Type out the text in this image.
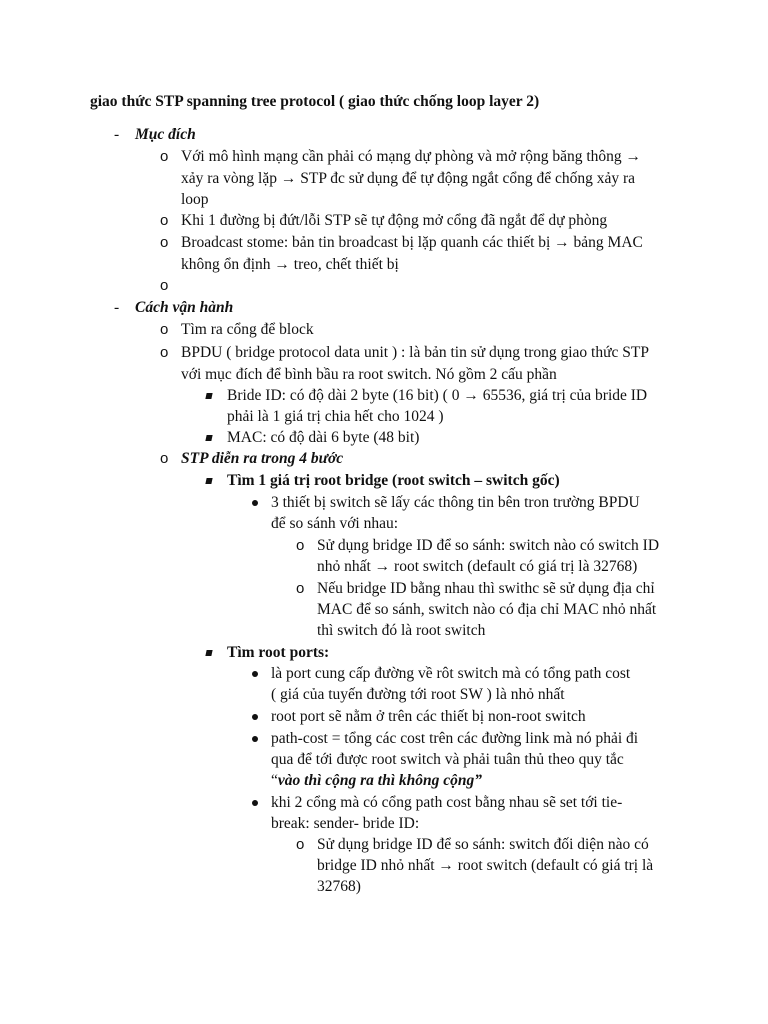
giao thức STP spanning tree protocol ( giao thức chống loop layer 2)
- Mục đích
o Với mô hình mạng cần phải có mạng dự phòng và mở rộng băng thông →
xảy ra vòng lặp → STP đc sử dụng để tự động ngắt cổng để chống xảy ra
loop
o Khi 1 đường bị đứt/lỗi STP sẽ tự động mở cổng đã ngắt để dự phòng
o Broadcast stome: bản tin broadcast bị lặp quanh các thiết bị → bảng MAC
không ổn định → treo, chết thiết bị
o
- Cách vận hành
o Tìm ra cổng để block
o BPDU ( bridge protocol data unit ) : là bản tin sử dụng trong giao thức STP
với mục đích để bình bầu ra root switch. Nó gồm 2 cấu phần
Bride ID: có độ dài 2 byte (16 bit) ( 0 → 65536, giá trị của bride ID
phải là 1 giá trị chia hết cho 1024 )
MAC: có độ dài 6 byte (48 bit)
o STP diễn ra trong 4 bước
Tìm 1 giá trị root bridge (root switch – switch gốc)
3 thiết bị switch sẽ lấy các thông tin bên tron trường BPDU
để so sánh với nhau:
o Sử dụng bridge ID để so sánh: switch nào có switch ID
nhỏ nhất → root switch (default có giá trị là 32768)
o Nếu bridge ID bằng nhau thì swithc sẽ sử dụng địa chỉ
MAC để so sánh, switch nào có địa chỉ MAC nhỏ nhất
thì switch đó là root switch
Tìm root ports:
là port cung cấp đường về rôt switch mà có tổng path cost
( giá của tuyến đường tới root SW ) là nhỏ nhất
root port sẽ nằm ở trên các thiết bị non-root switch
path-cost = tổng các cost trên các đường link mà nó phải đi
qua để tới được root switch và phải tuân thủ theo quy tắc
“vào thì cộng ra thì không cộng”
khi 2 cổng mà có cổng path cost bằng nhau sẽ set tới tie-
break: sender- bride ID:
o Sử dụng bridge ID để so sánh: switch đối diện nào có
bridge ID nhỏ nhất → root switch (default có giá trị là
32768)
